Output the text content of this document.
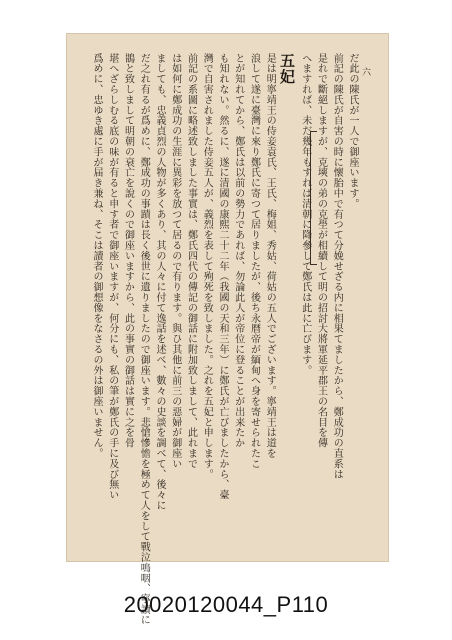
六
だ此の陳氏が一人で御座います。
前記の陳氏が自害の時に懷胎中で有つて分娩せざる内に相果てましたから、鄭成功の直系は
是れで斷絕しますが、克塽の弟の克壆が相續して明の招討大將軍延平郡王の名目を傳
へますれば、未だ幾年もすれば清朝に降參して鄭氏は此に亡びます。
五妃
是は明寧靖王の侍妾袁氏、王氏、梅姐、秀姑、荷姑の五人でございます。寧靖王は道を
浪して遂に臺灣に來り鄭氏に寄つて居りましたが、後ち永暦帝が緬甸へ身を寄せられたこ
とが知れてから、鄭氏は以前の勢力であれば、勿論此人が帝位に登ることが出来たか
も知れない。然るに、遂に清國の康熙二十二年（我國の天和三年）に鄭氏が亡びましたから、臺
灣で自害されました侍妾五人が、義烈を表して殉死を致しました。之れを五妃と申します。
前記の系圖に略述致しました事實は、鄭氏四代の傳記の御話に附加致しまして、此れまで
は如何に鄭成功の生涯に異彩を放つて居るので有ります。與ひ其他に前三の惡婦が御座い
ましても、忠義貞烈の人物が多くあり、其の人々に付て逸話を述べ、數々の史談を調べて、後々に
だ之れ有るが爲めに、鄭成功の事蹟は長く後世に遺りましたので御座います。悲愴慘憺を極めて人をして戰泣鳴咽、寧讀に
鵲と致しまして明朝の衰亡を說くので御座いますから、此の事實の御話は實に之を骨
堪へざらしむる底の味が有ると申す者で御座いますが、何分にも、私の筆が鄭氏の手に及び無い
爲めに、忠ゆき處に手が届き兼ね、そこは讀者の御想像をなさるの外は御座いません。
20020120044_P110
